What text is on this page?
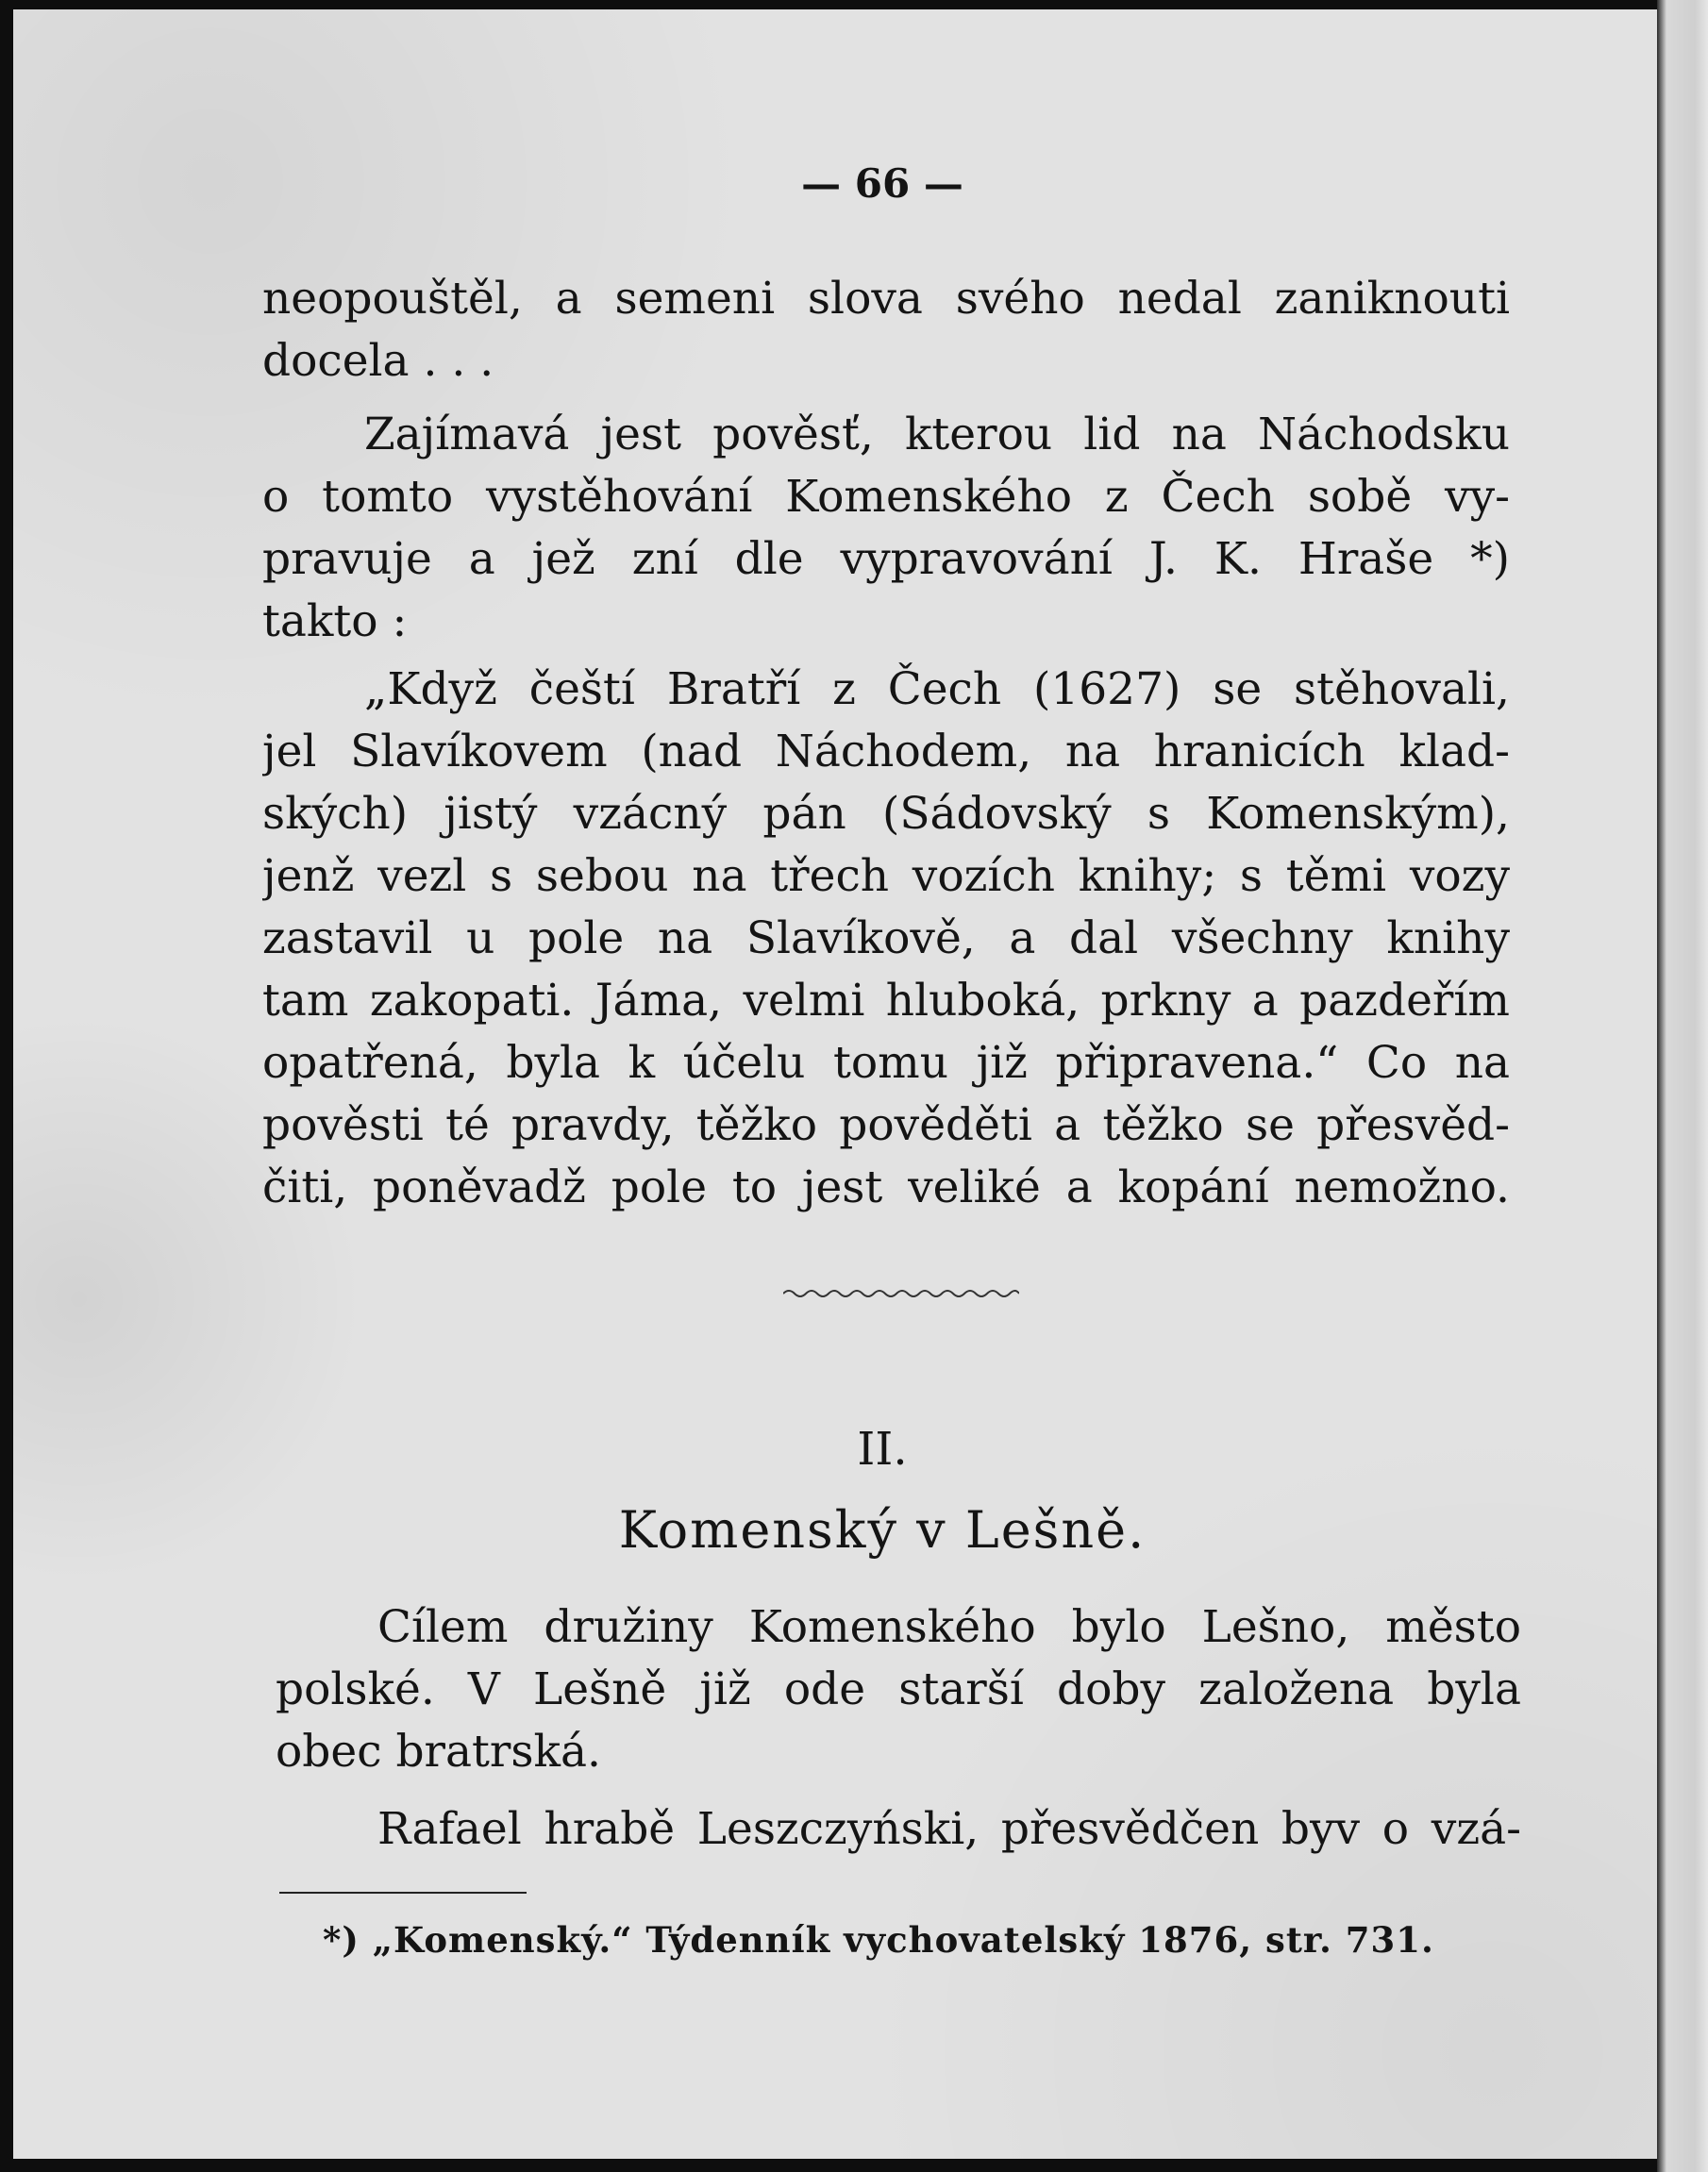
— 66 —
neopouštěl, a semeni slova svého nedal zaniknouti
docela . . .
Zajímavá jest pověsť, kterou lid na Náchodsku
o tomto vystěhování Komenského z Čech sobě vy-
pravuje a jež zní dle vypravování J. K. Hraše *)
takto :
„Když čeští Bratří z Čech (1627) se stěhovali,
jel Slavíkovem (nad Náchodem, na hranicích klad-
ských) jistý vzácný pán (Sádovský s Komenským),
jenž vezl s sebou na třech vozích knihy; s těmi vozy
zastavil u pole na Slavíkově, a dal všechny knihy
tam zakopati. Jáma, velmi hluboká, prkny a pazdeřím
opatřená, byla k účelu tomu již připravena.“ Co na
pověsti té pravdy, těžko pověděti a těžko se přesvěd-
čiti, poněvadž pole to jest veliké a kopání nemožno.
II.
Komenský v Lešně.
Cílem družiny Komenského bylo Lešno, město
polské. V Lešně již ode starší doby založena byla
obec bratrská.
Rafael hrabě Leszczyński, přesvědčen byv o vzá-
*) „Komenský.“ Týdenník vychovatelský 1876, str. 731.
